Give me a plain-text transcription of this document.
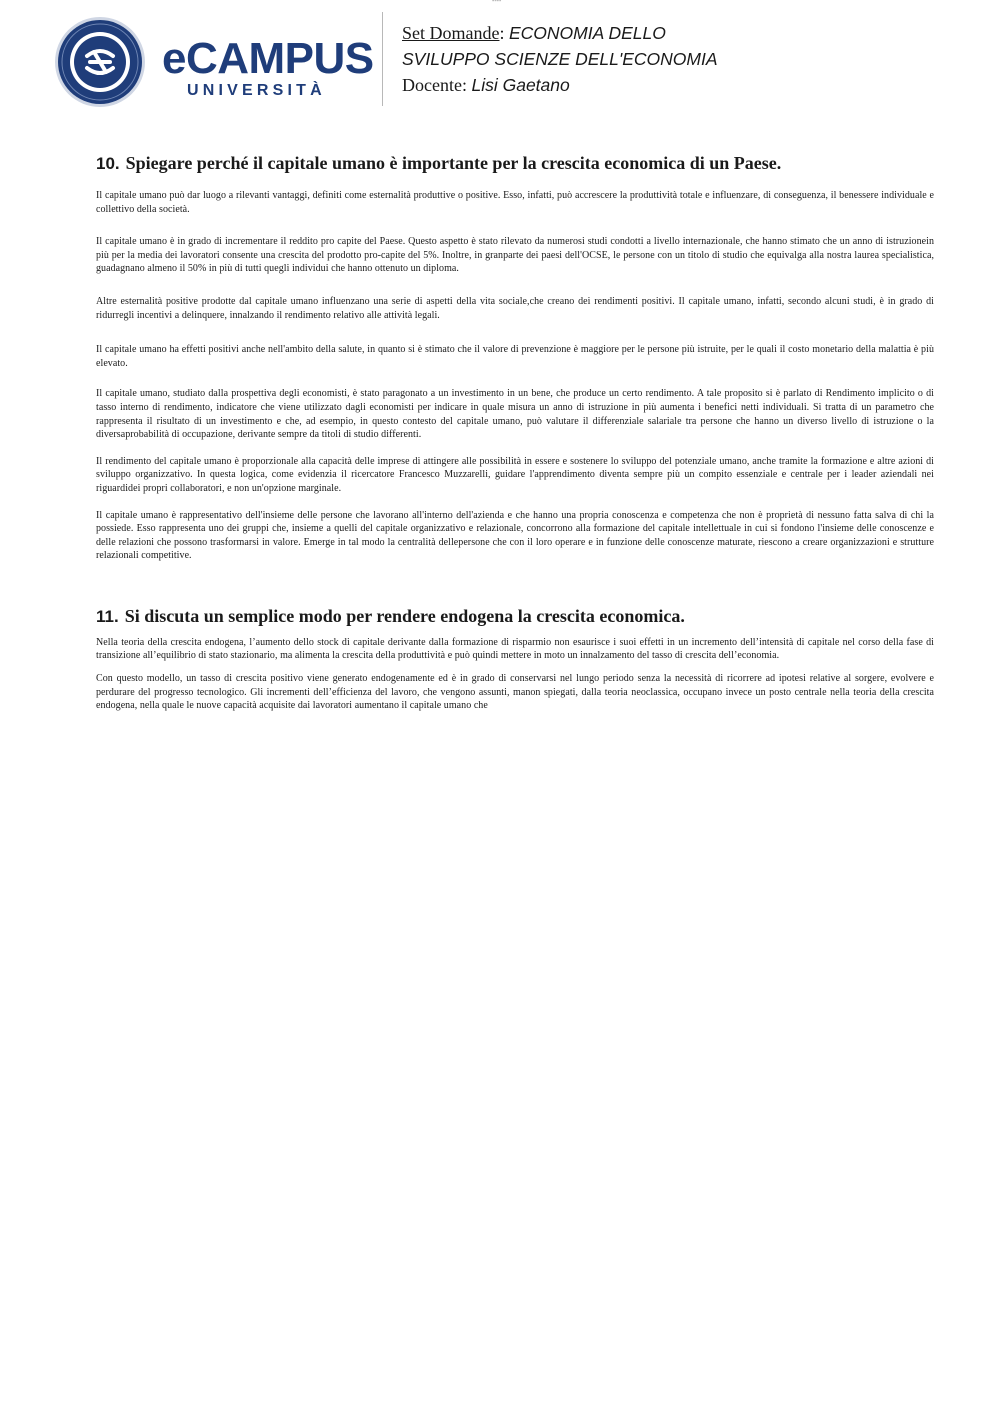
----
eCAMPUS
UNIVERSITÀ
Set Domande: ECONOMIA DELLO
SVILUPPO SCIENZE DELL'ECONOMIA
Docente: Lisi Gaetano
10. Spiegare perché il capitale umano è importante per la crescita economica di un Paese.

Il capitale umano può dar luogo a rilevanti vantaggi, definiti come esternalità produttive o positive. Esso, infatti, può accrescere la produttività totale e influenzare, di conseguenza, il benessere individuale e collettivo della società.

Il capitale umano è in grado di incrementare il reddito pro capite del Paese. Questo aspetto è stato rilevato da numerosi studi condotti a livello internazionale, che hanno stimato che un anno di istruzionein più per la media dei lavoratori consente una crescita del prodotto pro-capite del 5%. Inoltre, in granparte dei paesi dell'OCSE, le persone con un titolo di studio che equivalga alla nostra laurea specialistica, guadagnano almeno il 50% in più di tutti quegli individui che hanno ottenuto un diploma.

Altre esternalità positive prodotte dal capitale umano influenzano una serie di aspetti della vita sociale,che creano dei rendimenti positivi. Il capitale umano, infatti, secondo alcuni studi, è in grado di ridurregli incentivi a delinquere, innalzando il rendimento relativo alle attività legali.

Il capitale umano ha effetti positivi anche nell'ambito della salute, in quanto si è stimato che il valore di prevenzione è maggiore per le persone più istruite, per le quali il costo monetario della malattia è più elevato.

Il capitale umano, studiato dalla prospettiva degli economisti, è stato paragonato a un investimento in un bene, che produce un certo rendimento. A tale proposito si è parlato di Rendimento implicito o di tasso interno di rendimento, indicatore che viene utilizzato dagli economisti per indicare in quale misura un anno di istruzione in più aumenta i benefici netti individuali. Si tratta di un parametro che rappresenta il risultato di un investimento e che, ad esempio, in questo contesto del capitale umano, può valutare il differenziale salariale tra persone che hanno un diverso livello di istruzione o la diversaprobabilità di occupazione, derivante sempre da titoli di studio differenti.

Il rendimento del capitale umano è proporzionale alla capacità delle imprese di attingere alle possibilità in essere e sostenere lo sviluppo del potenziale umano, anche tramite la formazione e altre azioni di sviluppo organizzativo. In questa logica, come evidenzia il ricercatore Francesco Muzzarelli, guidare l'apprendimento diventa sempre più un compito essenziale e centrale per i leader aziendali nei riguardidei propri collaboratori, e non un'opzione marginale.

Il capitale umano è rappresentativo dell'insieme delle persone che lavorano all'interno dell'azienda e che hanno una propria conoscenza e competenza che non è proprietà di nessuno fatta salva di chi la possiede. Esso rappresenta uno dei gruppi che, insieme a quelli del capitale organizzativo e relazionale, concorrono alla formazione del capitale intellettuale in cui si fondono l'insieme delle conoscenze e delle relazioni che possono trasformarsi in valore. Emerge in tal modo la centralità dellepersone che con il loro operare e in funzione delle conoscenze maturate, riescono a creare organizzazioni e strutture relazionali competitive.

11. Si discuta un semplice modo per rendere endogena la crescita economica.

Nella teoria della crescita endogena, l’aumento dello stock di capitale derivante dalla formazione di risparmio non esaurisce i suoi effetti in un incremento dell’intensità di capitale nel corso della fase di transizione all’equilibrio di stato stazionario, ma alimenta la crescita della produttività e può quindi mettere in moto un innalzamento del tasso di crescita dell’economia.

Con questo modello, un tasso di crescita positivo viene generato endogenamente ed è in grado di conservarsi nel lungo periodo senza la necessità di ricorrere ad ipotesi relative al sorgere, evolvere e perdurare del progresso tecnologico. Gli incrementi dell’efficienza del lavoro, che vengono assunti, manon spiegati, dalla teoria neoclassica, occupano invece un posto centrale nella teoria della crescita endogena, nella quale le nuove capacità acquisite dai lavoratori aumentano il capitale umano che
